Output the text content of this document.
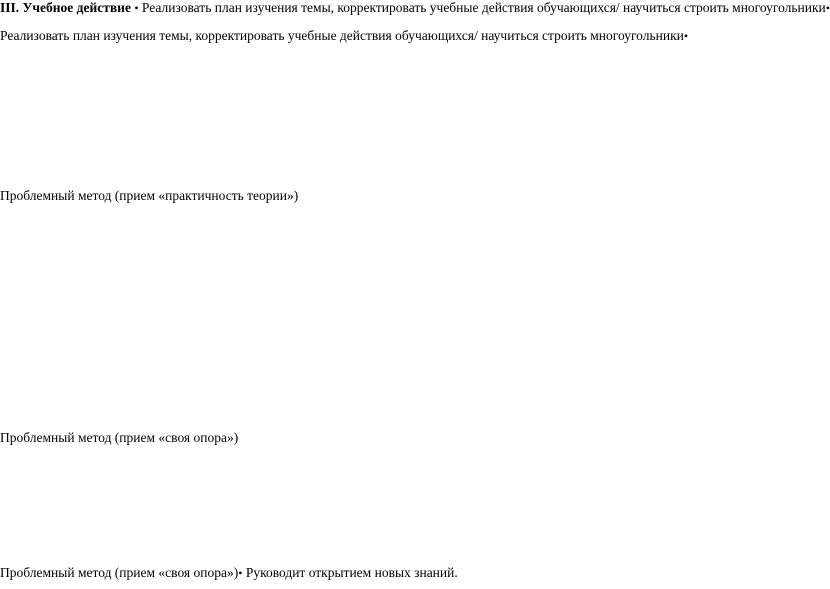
III. Учебное действие • Реализовать план изучения темы, корректировать учебные действия обучающихся/ научиться строить многоугольники•
Реализовать план изучения темы, корректировать учебные действия обучающихся/ научиться строить многоугольники•
Проблемный метод (прием «практичность теории»)
Проблемный метод (прием «своя опора»)
Проблемный метод (прием «своя опора»)• Руководит открытием новых знаний.
